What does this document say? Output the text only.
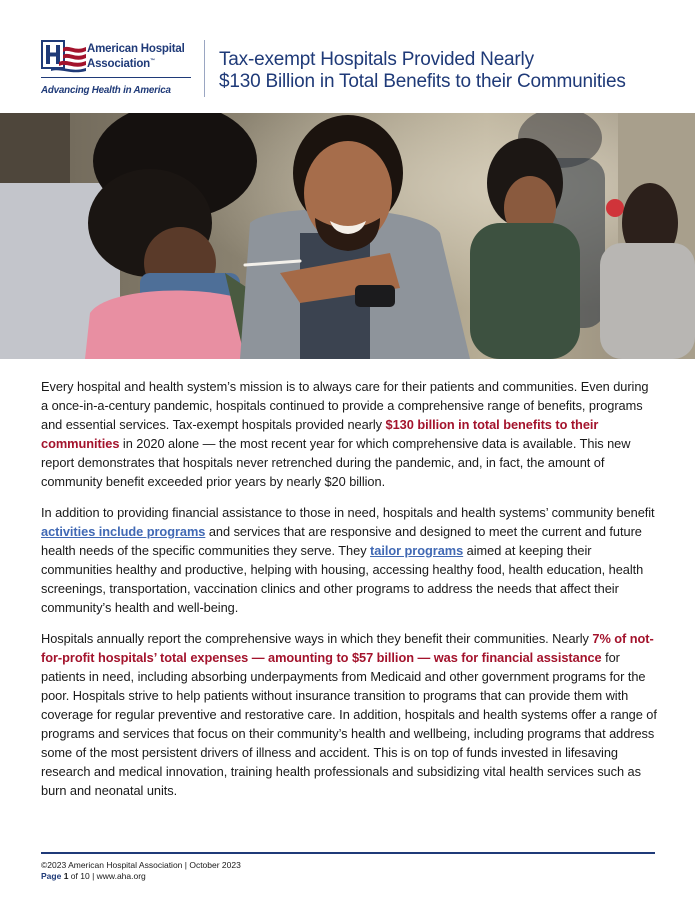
American Hospital
Association™
Advancing Health in America
Tax-exempt Hospitals Provided Nearly
$130 Billion in Total Benefits to their Communities

Every hospital and health system’s mission is to always care for their patients and communities. Even during a once-in-a-century pandemic, hospitals continued to provide a comprehensive range of benefits, programs and essential services. Tax-exempt hospitals provided nearly $130 billion in total benefits to their communities in 2020 alone — the most recent year for which comprehensive data is available. This new report demonstrates that hospitals never retrenched during the pandemic, and, in fact, the amount of community benefit exceeded prior years by nearly $20 billion.

In addition to providing financial assistance to those in need, hospitals and health systems’ community benefit activities include programs and services that are responsive and designed to meet the current and future health needs of the specific communities they serve. They tailor programs aimed at keeping their communities healthy and productive, helping with housing, accessing healthy food, health education, health screenings, transportation, vaccination clinics and other programs to address the needs that affect their community’s health and well-being.

Hospitals annually report the comprehensive ways in which they benefit their communities. Nearly 7% of not-for-profit hospitals’ total expenses — amounting to $57 billion — was for financial assistance for patients in need, including absorbing underpayments from Medicaid and other government programs for the poor. Hospitals strive to help patients without insurance transition to programs that can provide them with coverage for regular preventive and restorative care. In addition, hospitals and health systems offer a range of programs and services that focus on their community’s health and wellbeing, including programs that address some of the most persistent drivers of illness and accident. This is on top of funds invested in lifesaving research and medical innovation, training health professionals and subsidizing vital health services such as burn and neonatal units.

©2023 American Hospital Association | October 2023
Page 1 of 10 | www.aha.org
